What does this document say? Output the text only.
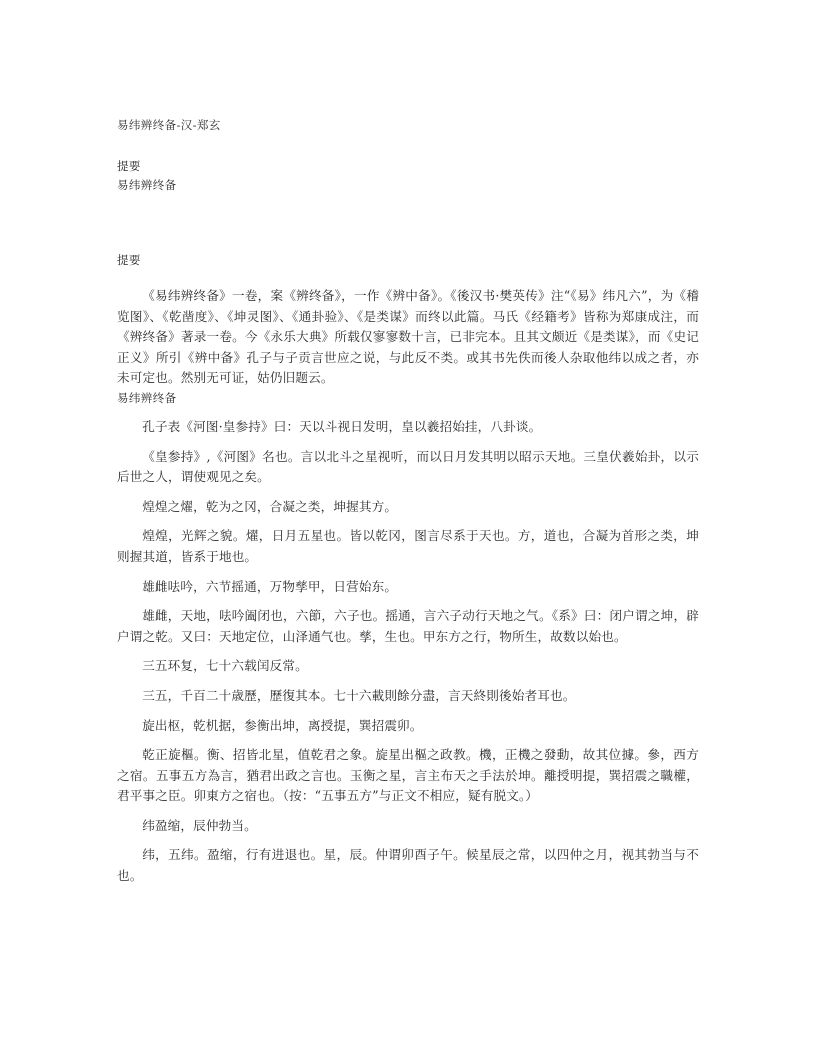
易纬辨终备-汉-郑玄
提要
易纬辨终备
提要

《易纬辨终备》一卷，案《辨终备》，一作《辨中备》。《後汉书·樊英传》注“《易》纬凡六”，为《稽览图》、《乾凿度》、《坤灵图》、《通卦验》、《是类谋》而终以此篇。马氏《经籍考》皆称为郑康成注，而《辨终备》著录一卷。今《永乐大典》所载仅寥寥数十言，已非完本。且其文颇近《是类谋》，而《史记正义》所引《辨中备》孔子与子贡言世应之说，与此反不类。或其书先佚而後人杂取他纬以成之者，亦未可定也。然别无可证，姑仍旧题云。

易纬辨终备

孔子表《河图·皇参持》曰：天以斗视日发明，皇以羲招始挂，八卦谈。

《皇参持》,《河图》名也。言以北斗之星视听，而以日月发其明以昭示天地。三皇伏羲始卦，以示后世之人，谓使观见之矣。

煌煌之燿，乾为之冈，合凝之类，坤握其方。

煌煌，光辉之貌。燿，日月五星也。皆以乾冈，图言尽系于天也。方，道也，合凝为首形之类，坤则握其道，皆系于地也。

雄雌呿吟，六节摇通，万物孳甲，日营始东。

雄雌，天地，呿吟阖闭也，六節，六子也。摇通，言六子动行天地之气。《系》曰：闭户谓之坤，辟户谓之乾。又曰：天地定位，山泽通气也。孳，生也。甲东方之行，物所生，故数以始也。

三五环复，七十六载闰反常。

三五，千百二十歳歷，歷復其本。七十六載則餘分盡，言天終則後始者耳也。

旋出枢，乾机据，参衡出坤，离授提，巽招震卯。

乾正旋樞。衡、招皆北星，值乾君之象。旋星出樞之政教。機，正機之發動，故其位據。參，西方之宿。五事五方為言，猶君出政之言也。玉衡之星，言主布天之手法於坤。離授明提，巽招震之職權，君平事之臣。卯東方之宿也。（按：“五事五方”与正文不相应，疑有脱文。）

纬盈缩，辰仲勃当。

纬，五纬。盈缩，行有进退也。星，辰。仲谓卯酉子午。候星辰之常，以四仲之月，视其勃当与不也。
